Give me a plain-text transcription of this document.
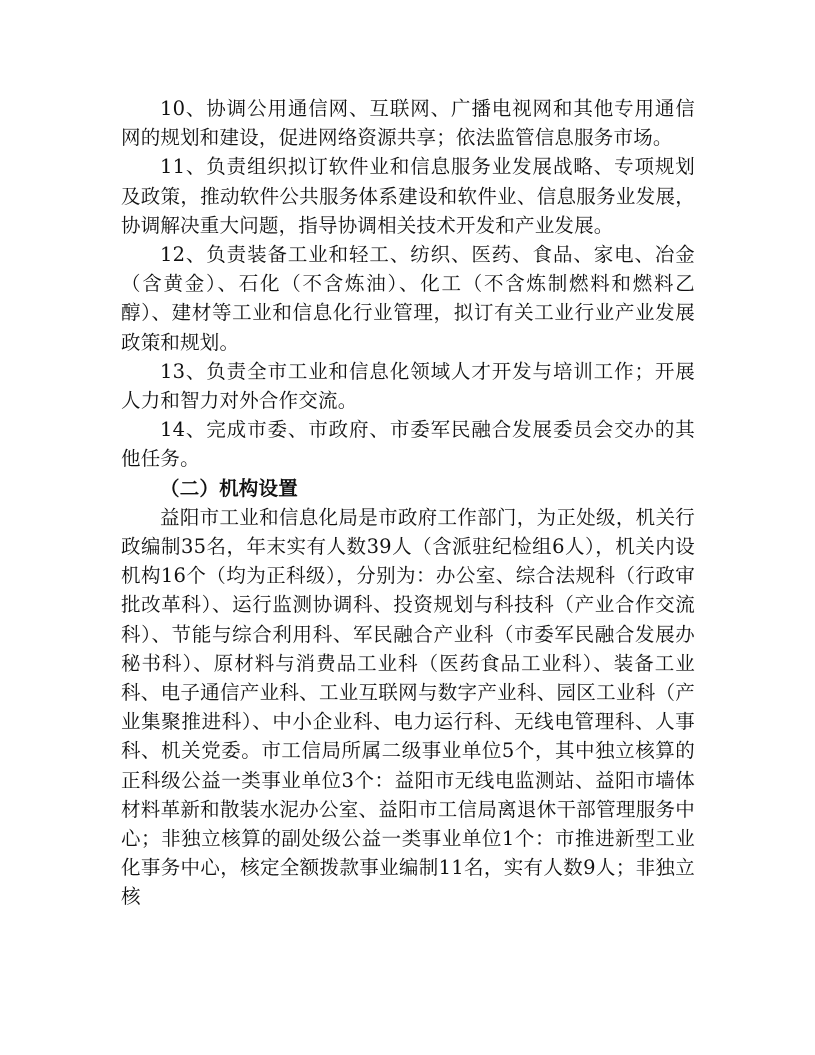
10、协调公用通信网、互联网、广播电视网和其他专用通信网的规划和建设，促进网络资源共享；依法监管信息服务市场。

11、负责组织拟订软件业和信息服务业发展战略、专项规划及政策，推动软件公共服务体系建设和软件业、信息服务业发展，协调解决重大问题，指导协调相关技术开发和产业发展。

12、负责装备工业和轻工、纺织、医药、食品、家电、冶金（含黄金）、石化（不含炼油）、化工（不含炼制燃料和燃料乙醇）、建材等工业和信息化行业管理，拟订有关工业行业产业发展政策和规划。

13、负责全市工业和信息化领域人才开发与培训工作；开展人力和智力对外合作交流。

14、完成市委、市政府、市委军民融合发展委员会交办的其他任务。

（二）机构设置

益阳市工业和信息化局是市政府工作部门，为正处级，机关行政编制35名，年末实有人数39人（含派驻纪检组6人），机关内设机构16个（均为正科级），分别为：办公室、综合法规科（行政审批改革科）、运行监测协调科、投资规划与科技科（产业合作交流科）、节能与综合利用科、军民融合产业科（市委军民融合发展办秘书科）、原材料与消费品工业科（医药食品工业科）、装备工业科、电子通信产业科、工业互联网与数字产业科、园区工业科（产业集聚推进科）、中小企业科、电力运行科、无线电管理科、人事科、机关党委。市工信局所属二级事业单位5个，其中独立核算的正科级公益一类事业单位3个：益阳市无线电监测站、益阳市墙体材料革新和散装水泥办公室、益阳市工信局离退休干部管理服务中心；非独立核算的副处级公益一类事业单位1个：市推进新型工业化事务中心，核定全额拨款事业编制11名，实有人数9人；非独立核
